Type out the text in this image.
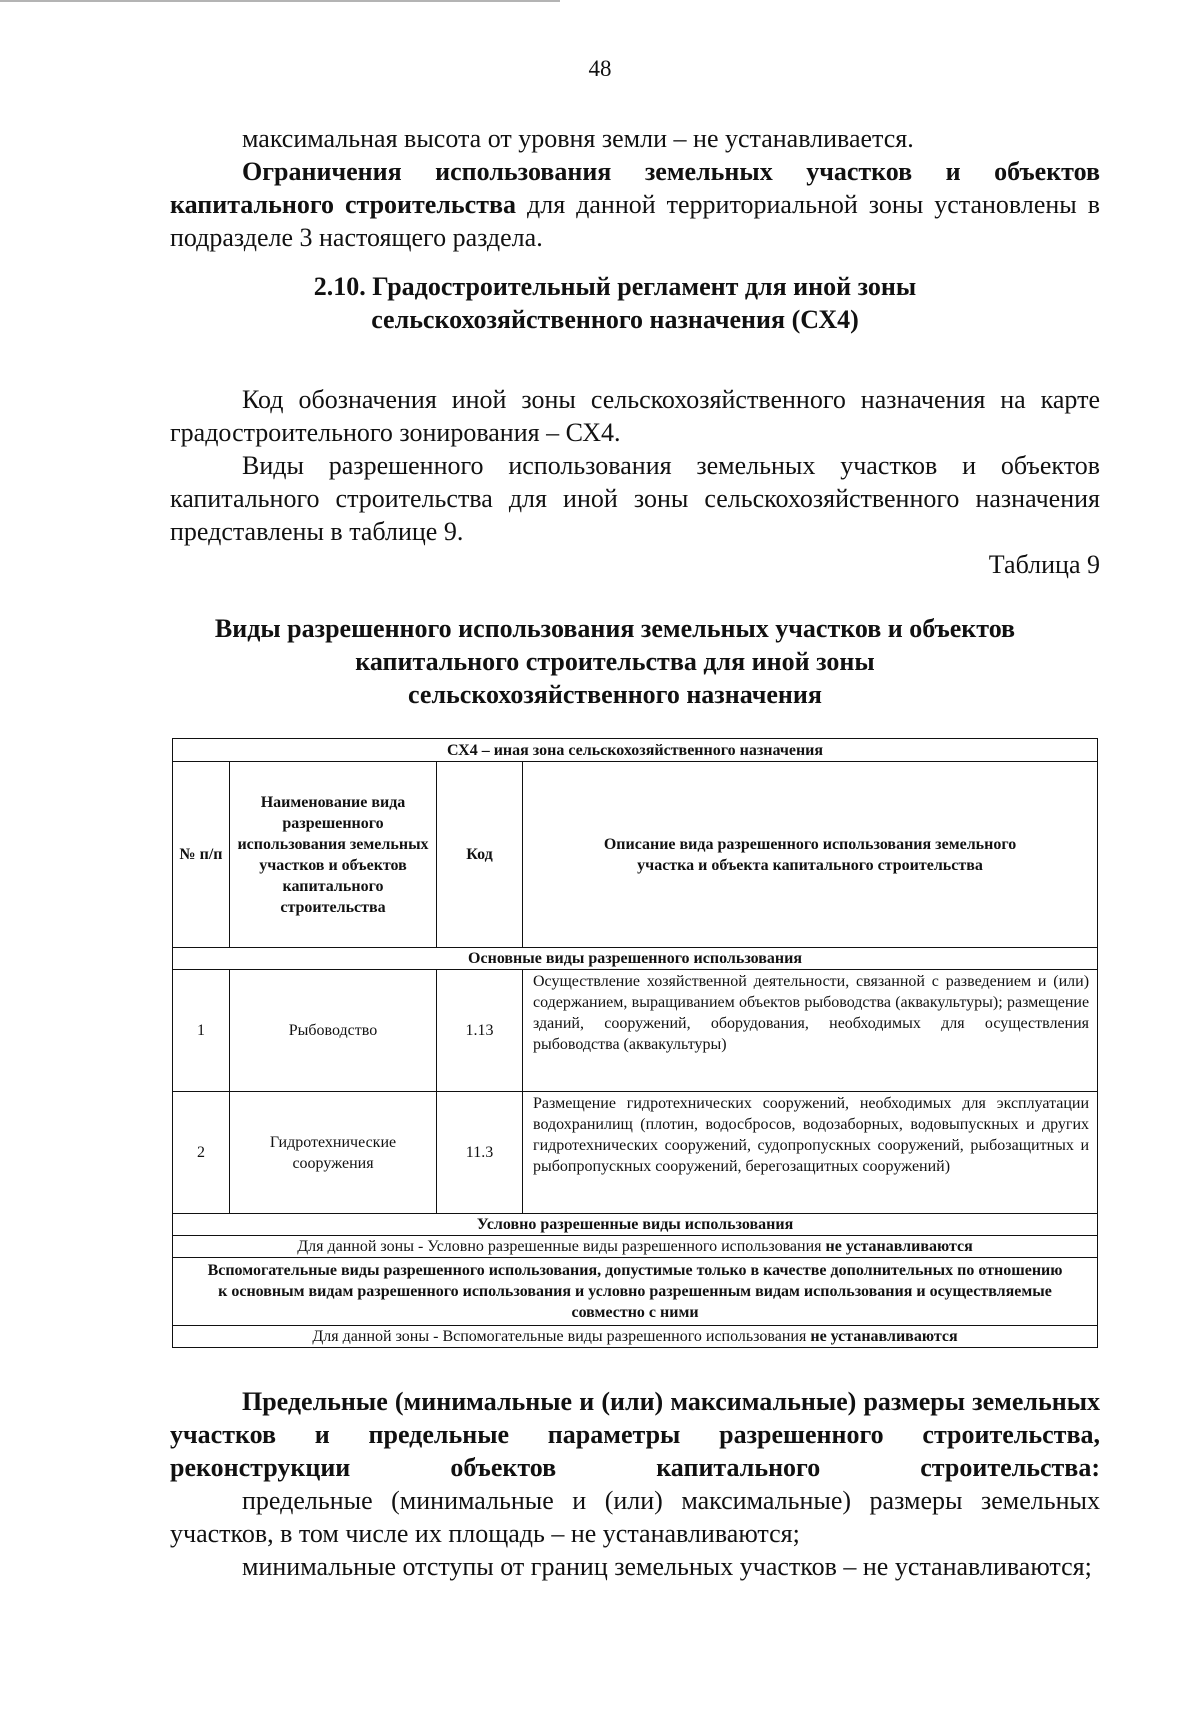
48
максимальная высота от уровня земли – не устанавливается.
Ограничения использования земельных участков и объектов капитального строительства для данной территориальной зоны установлены в подразделе 3 настоящего раздела.
2.10. Градостроительный регламент для иной зоны
сельскохозяйственного назначения (СХ4)
Код обозначения иной зоны сельскохозяйственного назначения на карте градостроительного зонирования – СХ4.
Виды разрешенного использования земельных участков и объектов капитального строительства для иной зоны сельскохозяйственного назначения представлены в таблице 9.
Таблица 9
Виды разрешенного использования земельных участков и объектов
капитального строительства для иной зоны
сельскохозяйственного назначения
СХ4 – иная зона сельскохозяйственного назначения			
№ п/п	Наименование вида разрешенного использования земельных участков и объектов капитального строительства	Код	Описание вида разрешенного использования земельного участка и объекта капитального строительства
Основные виды разрешенного использования			
1	Рыбоводство	1.13	Осуществление хозяйственной деятельности, связанной с разведением и (или) содержанием, выращиванием объектов рыбоводства (аквакультуры); размещение зданий, сооружений, оборудования, необходимых для осуществления рыбоводства (аквакультуры)
2	Гидротехнические сооружения	11.3	Размещение гидротехнических сооружений, необходимых для эксплуатации водохранилищ (плотин, водосбросов, водозаборных, водовыпускных и других гидротехнических сооружений, судопропускных сооружений, рыбозащитных и рыбопропускных сооружений, берегозащитных сооружений)
Условно разрешенные виды использования			
Для данной зоны - Условно разрешенные виды разрешенного использования не устанавливаются			
Вспомогательные виды разрешенного использования, допустимые только в качестве дополнительных по отношению к основным видам разрешенного использования и условно разрешенным видам использования и осуществляемые совместно с ними			
Для данной зоны - Вспомогательные виды разрешенного использования не устанавливаются			
Предельные (минимальные и (или) максимальные) размеры земельных участков и предельные параметры разрешенного строительства, реконструкции объектов капитального строительства:
предельные (минимальные и (или) максимальные) размеры земельных участков, в том числе их площадь – не устанавливаются;
минимальные отступы от границ земельных участков – не устанавливаются;
